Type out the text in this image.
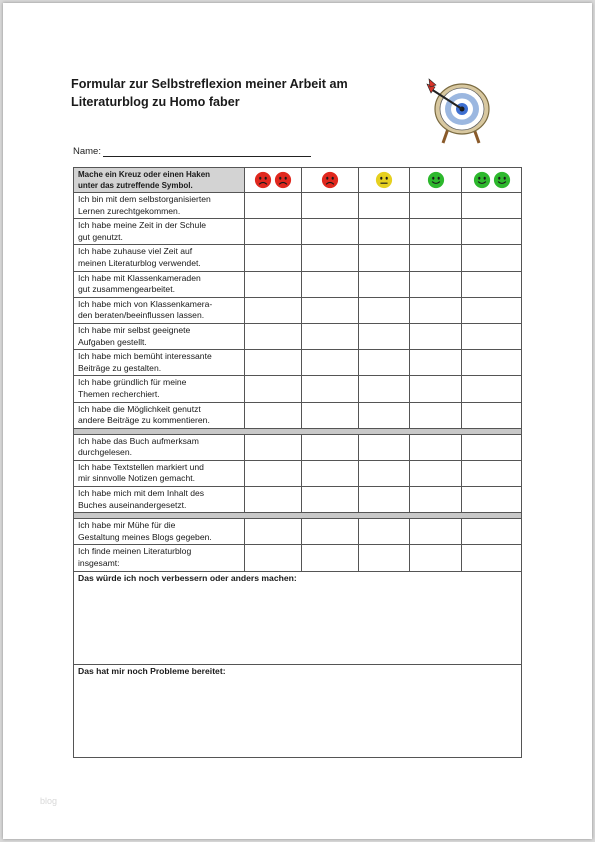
Formular zur Selbstreflexion meiner Arbeit am
Literaturblog zu Homo faber
Name:
Mache ein Kreuz oder einen Haken
unter das zutreffende Symbol.

Ich bin mit dem selbstorganisierten
Lernen zurechtgekommen.					

Ich habe meine Zeit in der Schule
gut genutzt.					

Ich habe zuhause viel Zeit auf
meinen Literaturblog verwendet.					

Ich habe mit Klassenkameraden
gut zusammengearbeitet.					

Ich habe mich von Klassenkamera-
den beraten/beeinflussen lassen.					

Ich habe mir selbst geeignete
Aufgaben gestellt.					

Ich habe mich bemüht interessante
Beiträge zu gestalten.					

Ich habe gründlich für meine
Themen recherchiert.					

Ich habe die Möglichkeit genutzt
andere Beiträge zu kommentieren.					

Ich habe das Buch aufmerksam
durchgelesen.					

Ich habe Textstellen markiert und
mir sinnvolle Notizen gemacht.					

Ich habe mich mit dem Inhalt des
Buches auseinandergesetzt.					

Ich habe mir Mühe für die
Gestaltung meines Blogs gegeben.					

Ich finde meinen Literaturblog
insgesamt:					

Das würde ich noch verbessern oder anders machen:					
Das hat mir noch Probleme bereitet:					
blog
